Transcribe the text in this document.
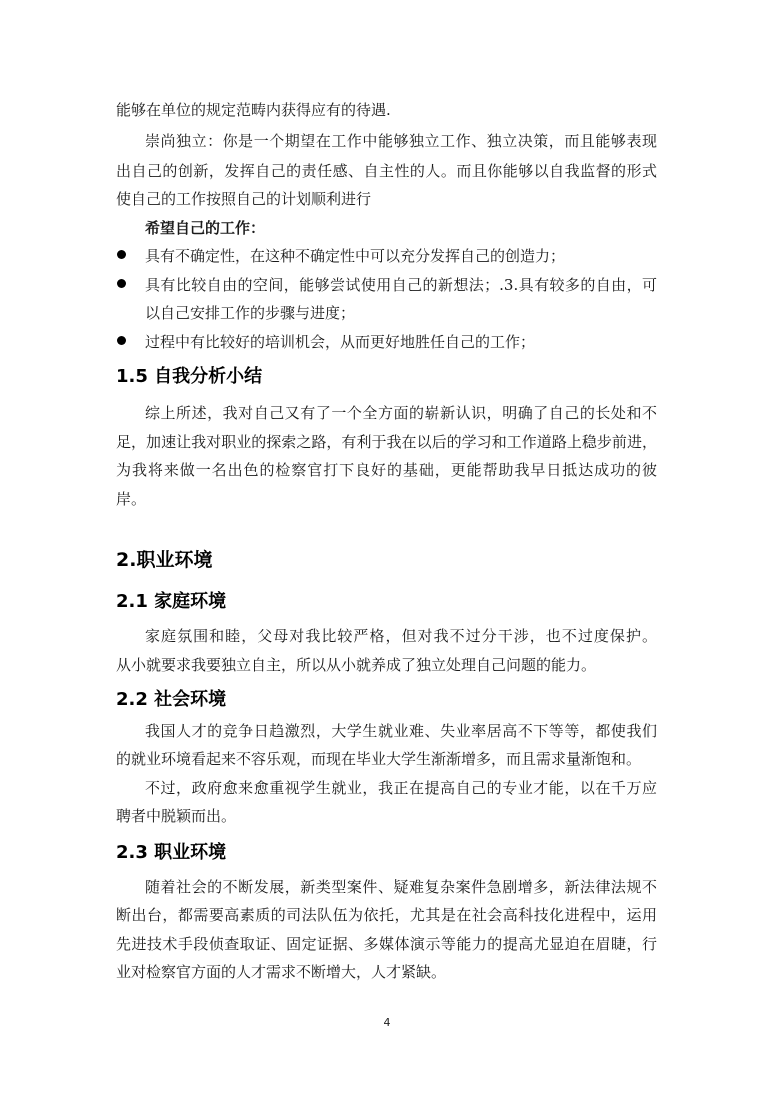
能够在单位的规定范畴内获得应有的待遇.
崇尚独立：你是一个期望在工作中能够独立工作、独立决策，而且能够表现
出自己的创新，发挥自己的责任感、自主性的人。而且你能够以自我监督的形式
使自己的工作按照自己的计划顺利进行
希望自己的工作：
具有不确定性，在这种不确定性中可以充分发挥自己的创造力；
具有比较自由的空间，能够尝试使用自己的新想法；.3.具有较多的自由，可
以自己安排工作的步骤与进度；
过程中有比较好的培训机会，从而更好地胜任自己的工作；
1.5 自我分析小结
综上所述，我对自己又有了一个全方面的崭新认识，明确了自己的长处和不
足，加速让我对职业的探索之路，有利于我在以后的学习和工作道路上稳步前进，
为我将来做一名出色的检察官打下良好的基础，更能帮助我早日抵达成功的彼
岸。
2.职业环境
2.1 家庭环境
家庭氛围和睦，父母对我比较严格，但对我不过分干涉，也不过度保护。
从小就要求我要独立自主，所以从小就养成了独立处理自己问题的能力。
2.2 社会环境
我国人才的竞争日趋激烈，大学生就业难、失业率居高不下等等，都使我们
的就业环境看起来不容乐观，而现在毕业大学生渐渐增多，而且需求量渐饱和。
不过，政府愈来愈重视学生就业，我正在提高自己的专业才能，以在千万应
聘者中脱颖而出。
2.3 职业环境
随着社会的不断发展，新类型案件、疑难复杂案件急剧增多，新法律法规不
断出台，都需要高素质的司法队伍为依托，尤其是在社会高科技化进程中，运用
先进技术手段侦查取证、固定证据、多媒体演示等能力的提高尤显迫在眉睫，行
业对检察官方面的人才需求不断增大，人才紧缺。
4
